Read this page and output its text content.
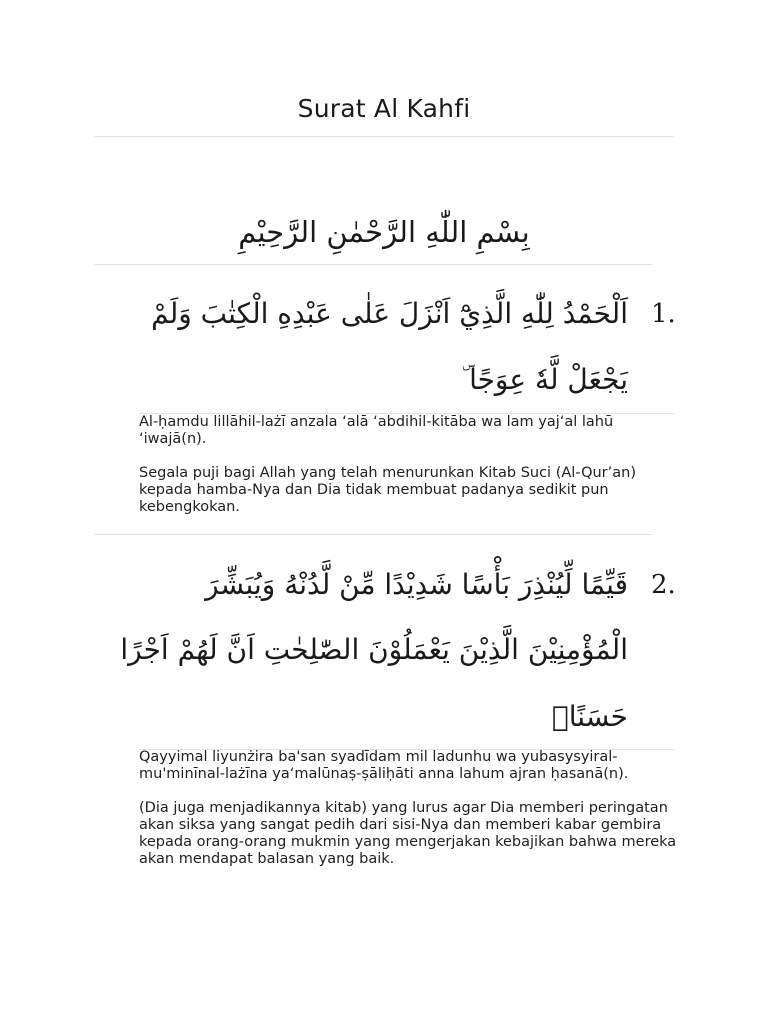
Surat Al Kahfi
بِسْمِ اللّٰهِ الرَّحْمٰنِ الرَّحِيْمِ
1.
اَلْحَمْدُ لِلّٰهِ الَّذِيْٓ اَنْزَلَ عَلٰى عَبْدِهِ الْكِتٰبَ وَلَمْ
يَجْعَلْ لَّهٗ عِوَجًا ۜ
Al-ḥamdu lillāhil-lażī anzala ‘alā ‘abdihil-kitāba wa lam yaj‘al lahū ‘iwajā(n).
Segala puji bagi Allah yang telah menurunkan Kitab Suci (Al-Qur’an) kepada hamba-Nya dan Dia tidak membuat padanya sedikit pun kebengkokan.
2.
قَيِّمًا لِّيُنْذِرَ بَأْسًا شَدِيْدًا مِّنْ لَّدُنْهُ وَيُبَشِّرَ
الْمُؤْمِنِيْنَ الَّذِيْنَ يَعْمَلُوْنَ الصّٰلِحٰتِ اَنَّ لَهُمْ اَجْرًا
حَسَنًاۙ
Qayyimal liyunżira ba'san syadīdam mil ladunhu wa yubasysyiral-mu'minīnal-lażīna ya‘malūnaṣ-ṣāliḥāti anna lahum ajran ḥasanā(n).
(Dia juga menjadikannya kitab) yang lurus agar Dia memberi peringatan akan siksa yang sangat pedih dari sisi-Nya dan memberi kabar gembira kepada orang-orang mukmin yang mengerjakan kebajikan bahwa mereka akan mendapat balasan yang baik.
